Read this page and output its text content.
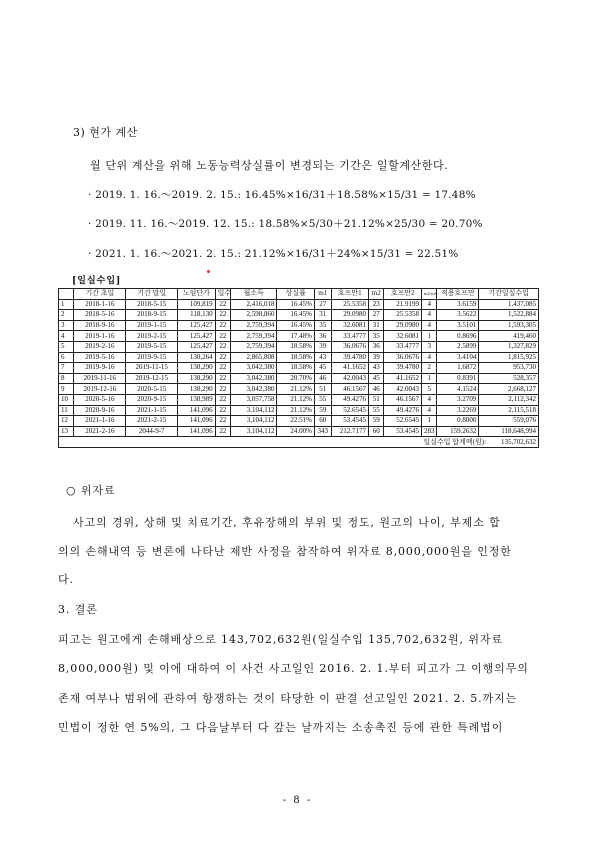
3) 현가 계산
월 단위 계산을 위해 노동능력상실률이 변경되는 기간은 일할계산한다.
· 2019. 1. 16.～2019. 2. 15.: 16.45%×16/31＋18.58%×15/31 = 17.48%
· 2019. 11. 16.～2019. 12. 15.: 18.58%×5/30＋21.12%×25/30 = 20.70%
· 2021. 1. 16.～2021. 2. 15.: 21.12%×16/31＋24%×15/31 = 22.51%
[일실수입]
	기간 초일	기간 말일	노임단가	일수	월소득	상실률	m1	호프만1	m2	호프만2	m2-m1	적용호프만	기간일실수입
1	2018-1-16	2018-5-15	109,819	22	2,416,018	16.45%	27	25.5358	23	21.9199	4	3.6159	1,437,085
2	2018-5-16	2018-9-15	118,130	22	2,598,860	16.45%	31	29.0980	27	25.5358	4	3.5622	1,522,884
3	2018-9-16	2019-1-15	125,427	22	2,759,394	16.45%	35	32.6081	31	29.0980	4	3.5101	1,593,305
4	2019-1-16	2019-2-15	125,427	22	2,759,394	17.48%	36	33.4777	35	32.6081	1	0.8696	419,460
5	2019-2-16	2019-5-15	125,427	22	2,759,394	18.58%	39	36.0676	36	33.4777	3	2.5899	1,327,829
6	2019-5-16	2019-9-15	130,264	22	2,865,808	18.58%	43	39.4780	39	36.0676	4	3.4104	1,815,925
7	2019-9-16	2019-11-15	138,290	22	3,042,380	18.58%	45	41.1652	43	39.4780	2	1.6872	953,730
8	2019-11-16	2019-12-15	138,290	22	3,042,380	20.70%	46	42.0043	45	41.1652	1	0.8391	528,357
9	2019-12-16	2020-5-15	138,290	22	3,042,380	21.12%	51	46.1567	46	42.0043	5	4.1524	2,668,127
10	2020-5-16	2020-9-15	138,989	22	3,057,758	21.12%	55	49.4276	51	46.1567	4	3.2709	2,112,342
11	2020-9-16	2021-1-15	141,096	22	3,104,112	21.12%	59	52.6545	55	49.4276	4	3.2269	2,115,518
12	2021-1-16	2021-2-15	141,096	22	3,104,112	22.51%	60	53.4545	59	52.6545	1	0.8000	559,076
13	2021-2-16	2044-9-7	141,096	22	3,104,112	24.00%	343	212.7177	60	53.4545	283	159.2632	118,648,994
											일실수입 합계액(원):		135,702,632
○ 위자료
사고의 경위, 상해 및 치료기간, 후유장해의 부위 및 정도, 원고의 나이, 부제소 합
의의 손해내역 등 변론에 나타난 제반 사정을 참작하여 위자료 8,000,000원을 인정한
다.
3. 결론
피고는 원고에게 손해배상으로 143,702,632원(일실수입 135,702,632원, 위자료
8,000,000원) 및 이에 대하여 이 사건 사고일인 2016. 2. 1.부터 피고가 그 이행의무의
존재 여부나 범위에 관하여 항쟁하는 것이 타당한 이 판결 선고일인 2021. 2. 5.까지는
민법이 정한 연 5%의, 그 다음날부터 다 갚는 날까지는 소송촉진 등에 관한 특례법이
- 8 -
